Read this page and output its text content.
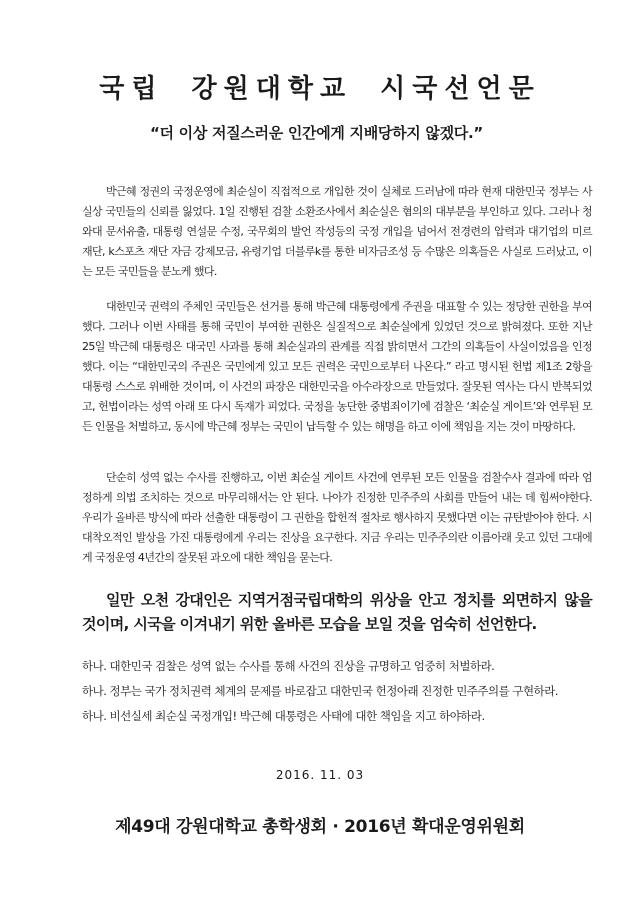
국립 강원대학교 시국선언문

“더 이상 저질스러운 인간에게 지배당하지 않겠다.”

박근혜 정권의 국정운영에 최순실이 직접적으로 개입한 것이 실체로 드러남에 따라 현재 대한민국 정부는 사실상 국민들의 신뢰를 잃었다. 1일 진행된 검찰 소환조사에서 최순실은 혐의의 대부분을 부인하고 있다. 그러나 청와대 문서유출, 대통령 연설문 수정, 국무회의 발언 작성등의 국정 개입을 넘어서 전경련의 압력과 대기업의 미르 재단, k스포츠 재단 자금 강제모금, 유령기업 더블루k를 통한 비자금조성 등 수많은 의혹들은 사실로 드러났고, 이는 모든 국민들을 분노케 했다.

대한민국 권력의 주체인 국민들은 선거를 통해 박근혜 대통령에게 주권을 대표할 수 있는 정당한 권한을 부여했다. 그러나 이번 사태를 통해 국민이 부여한 권한은 실질적으로 최순실에게 있었던 것으로 밝혀졌다. 또한 지난 25일 박근혜 대통령은 대국민 사과를 통해 최순실과의 관계를 직접 밝히면서 그간의 의혹들이 사실이었음을 인정했다. 이는 “대한민국의 주권은 국민에게 있고 모든 권력은 국민으로부터 나온다.” 라고 명시된 헌법 제1조 2항을 대통령 스스로 위배한 것이며, 이 사건의 파장은 대한민국을 아수라장으로 만들었다. 잘못된 역사는 다시 반복되었고, 헌법이라는 성역 아래 또 다시 독재가 피었다. 국정을 농단한 중범죄이기에 검찰은 ‘최순실 게이트’와 연루된 모든 인물을 처벌하고, 동시에 박근혜 정부는 국민이 납득할 수 있는 해명을 하고 이에 책임을 지는 것이 마땅하다.

단순히 성역 없는 수사를 진행하고, 이번 최순실 게이트 사건에 연루된 모든 인물을 검찰수사 결과에 따라 엄정하게 의법 조치하는 것으로 마무리해서는 안 된다. 나아가 진정한 민주주의 사회를 만들어 내는 데 힘써야한다. 우리가 올바른 방식에 따라 선출한 대통령이 그 권한을 합헌적 절차로 행사하지 못했다면 이는 규탄받아야 한다. 시대착오적인 발상을 가진 대통령에게 우리는 진상을 요구한다. 지금 우리는 민주주의란 이름아래 웃고 있던 그대에게 국정운영 4년간의 잘못된 과오에 대한 책임을 묻는다.

일만 오천 강대인은 지역거점국립대학의 위상을 안고 정치를 외면하지 않을 것이며, 시국을 이겨내기 위한 올바른 모습을 보일 것을 엄숙히 선언한다.

하나. 대한민국 검찰은 성역 없는 수사를 통해 사건의 진상을 규명하고 엄중히 처벌하라.
하나. 정부는 국가 정치권력 체계의 문제를 바로잡고 대한민국 헌정아래 진정한 민주주의를 구현하라.
하나. 비선실세 최순실 국정개입! 박근혜 대통령은 사태에 대한 책임을 지고 하야하라.

2016. 11. 03

제49대 강원대학교 총학생회 · 2016년 확대운영위원회
